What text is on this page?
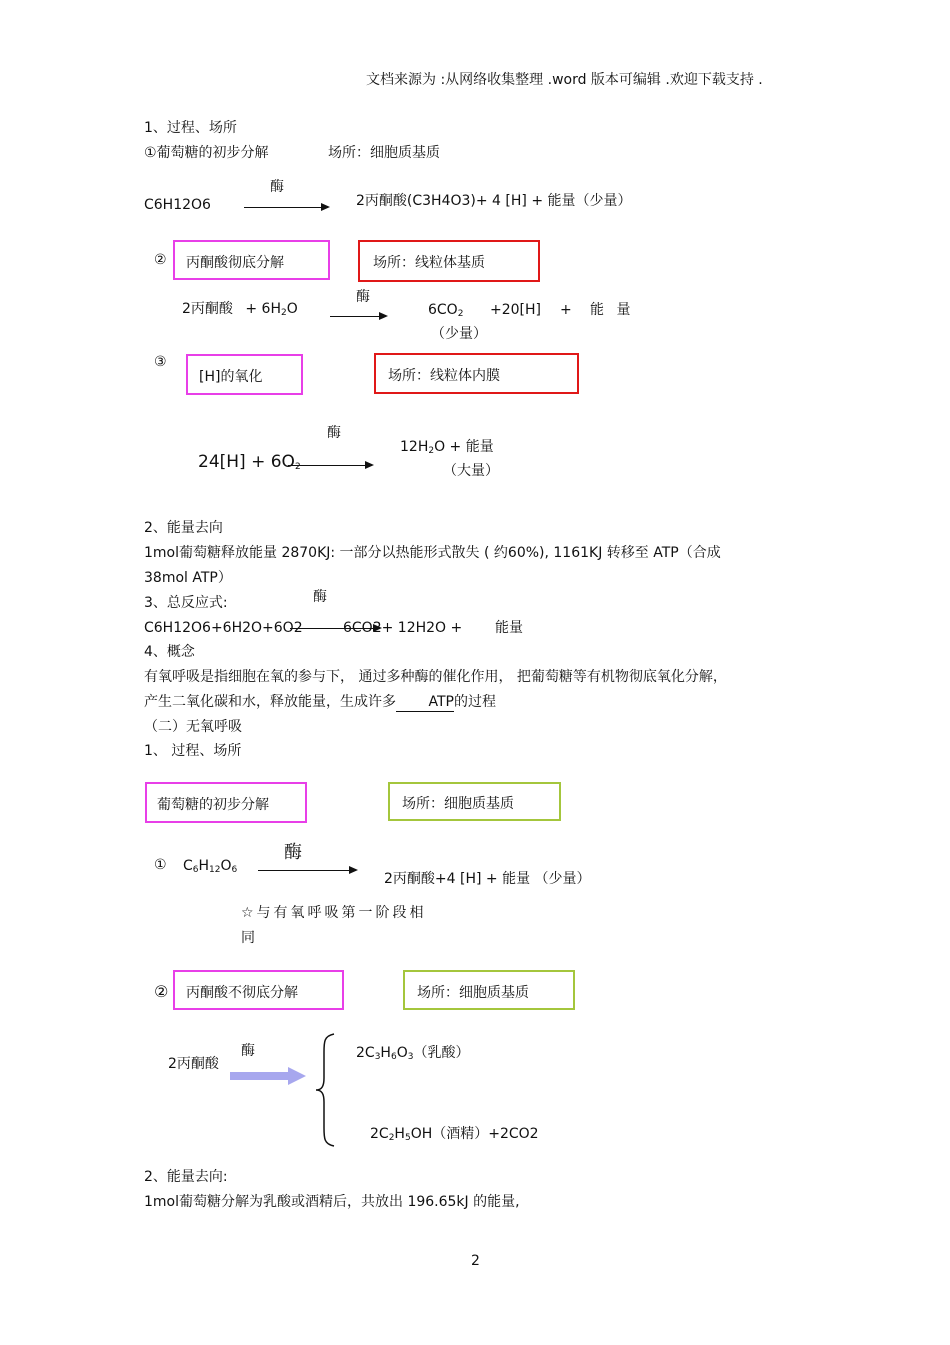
文档来源为 :从网络收集整理 .word 版本可编辑 .欢迎下载支持 .
1、过程、场所
①葡萄糖的初步分解	场所：细胞质基质
酶
C6H12O6	2丙酮酸(C3H4O3)+ 4 [H] + 能量（少量）
② 丙酮酸彻底分解	场所：线粒体基质
酶
2丙酮酸 + $6H_2O$	$6CO_2 +20[H]$ + 能 量
（少量）
③
[H]的氧化	场所：线粒体内膜
酶
$24[H] + 6O_2$
$12H_2O$ + 能量
（大量）
2、能量去向
1mol葡萄糖释放能量 2870KJ: 一部分以热能形式散失 ( 约60%), 1161KJ 转移至 ATP（合成
38mol ATP）
3、总反应式:	酶
C6H12O6+6H2O+6O2	6CO2+ 12H2O + 能量
4、概念
有氧呼吸是指细胞在氧的参与下， 通过多种酶的催化作用， 把葡萄糖等有机物彻底氧化分解，
产生二氧化碳和水，释放能量，生成许多 ATP的过程
（二）无氧呼吸
1、 过程、场所
葡萄糖的初步分解	场所：细胞质基质
① $C_6H_{12}O_6$
酶
2丙酮酸+4 [H] + 能量 （少量）
☆与有氧呼吸第一阶段相
同
② 丙酮酸不彻底分解	场所：细胞质基质
酶
2丙酮酸
$2C_3H_6O_3$（乳酸）
$2C_2H_5OH$（酒精）+2CO2
2、能量去向:
1mol葡萄糖分解为乳酸或酒精后，共放出 196.65kJ 的能量,
2
